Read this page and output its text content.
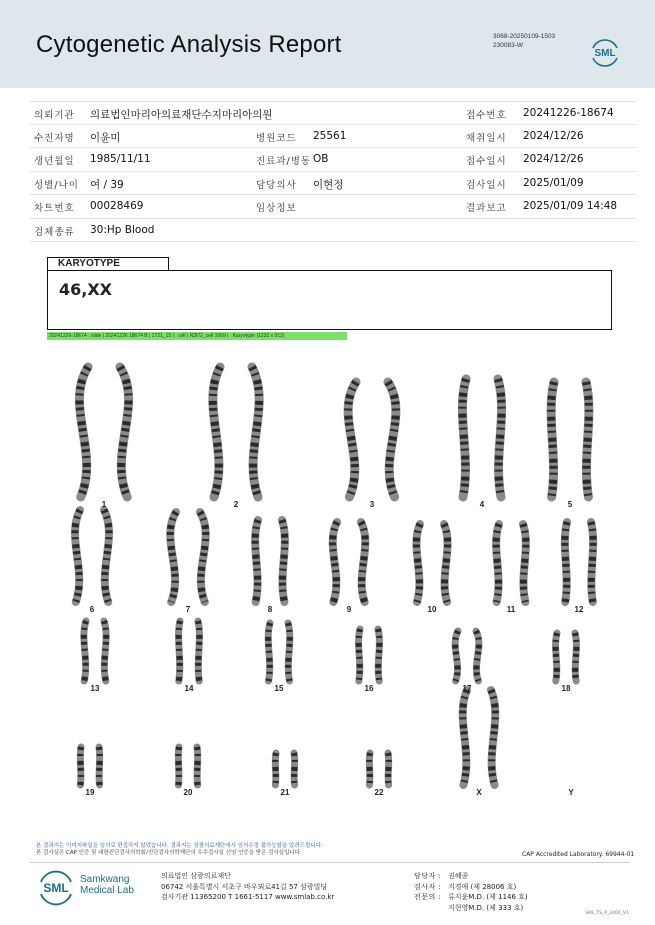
Cytogenetic Analysis Report	3068-20250109-1503
230083-W
SML
의뢰기관 의료법인마리아의료재단수지마리아의원	접수번호 20241226-18674
수진자명 이윤미	병원코드 25561	채취일시 2024/12/26
생년월일 1985/11/11	진료과/병동 OB	접수일시 2024/12/26
성별/나이 여 / 39	담당의사 이현정	검사일시 2025/01/09
차트번호 00028469	임상정보	결과보고 2025/01/09 14:48
검체종류 30:Hp Blood
KARYOTYPE
46,XX
20241226-18674 : slide | 20241226 18674 B | 1721_15 | : cell | N3I72_cell 1069 | : Karyotype (1232 x 912)
1	2	3	4	5
6	7	8	9	10	11	12
13	14	15	16	17	18
19	20	21	22	X	Y
본 결과지는 이미지파일을 임의로 편집하지 않았습니다. 결과지는 삼광의료재단에서 임의수정 불가능함을 알려드립니다.
본 검사실은 CAP 인증 및 대한진단검사의학회/진단검사의학재단의 우수검사실 신임 인증을 받은 검사실입니다.	CAP Accredited Laboratory. 69944-01
SML
Samkwang
Medical Lab
의료법인 삼광의료재단
06742 서울특별시 서초구 바우뫼로41길 57 삼광빌딩
검사기관 11365200 T 1661-5117 www.smlab.co.kr
담당자 : 권혜종
검사자 : 지경애 (제 28006 호)
전문의 : 류지윤M.D. (제 1146 호)
지현영M.D. (제 333 호)
SML_TS_P_2400_V1
